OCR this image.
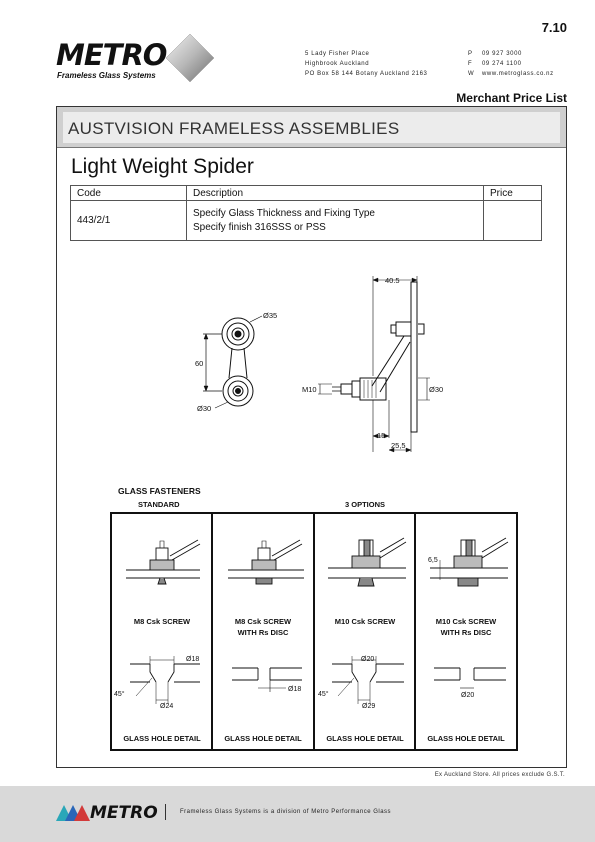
7.10
METRO
Frameless Glass Systems
5 Lady Fisher Place
Highbrook Auckland
PO Box 58 144 Botany Auckland 2163
P 09 927 3000
F 09 274 1100
W www.metroglass.co.nz
Merchant Price List
AUSTVISION FRAMELESS ASSEMBLIES
Light Weight Spider
Code	Description	Price
443/2/1	Specify Glass Thickness and Fixing Type
Specify finish 316SSS or PSS	

Ø35
60
Ø30
40.5
M10	Ø30
15
25,5
GLASS FASTENERS
STANDARD	3 OPTIONS
M8 Csk SCREW	M8 Csk SCREW
WITH Rs DISC
M10 Csk SCREW	M10 Csk SCREW
WITH Rs DISC
GLASS HOLE DETAIL	GLASS HOLE DETAIL	GLASS HOLE DETAIL	GLASS HOLE DETAIL
Ø18
Ø24
45°
Ø18
Ø20
Ø29
45°	Ø20
6,5
Ex Auckland Store. All prices exclude G.S.T.
METRO	Frameless Glass Systems is a division of Metro Performance Glass
